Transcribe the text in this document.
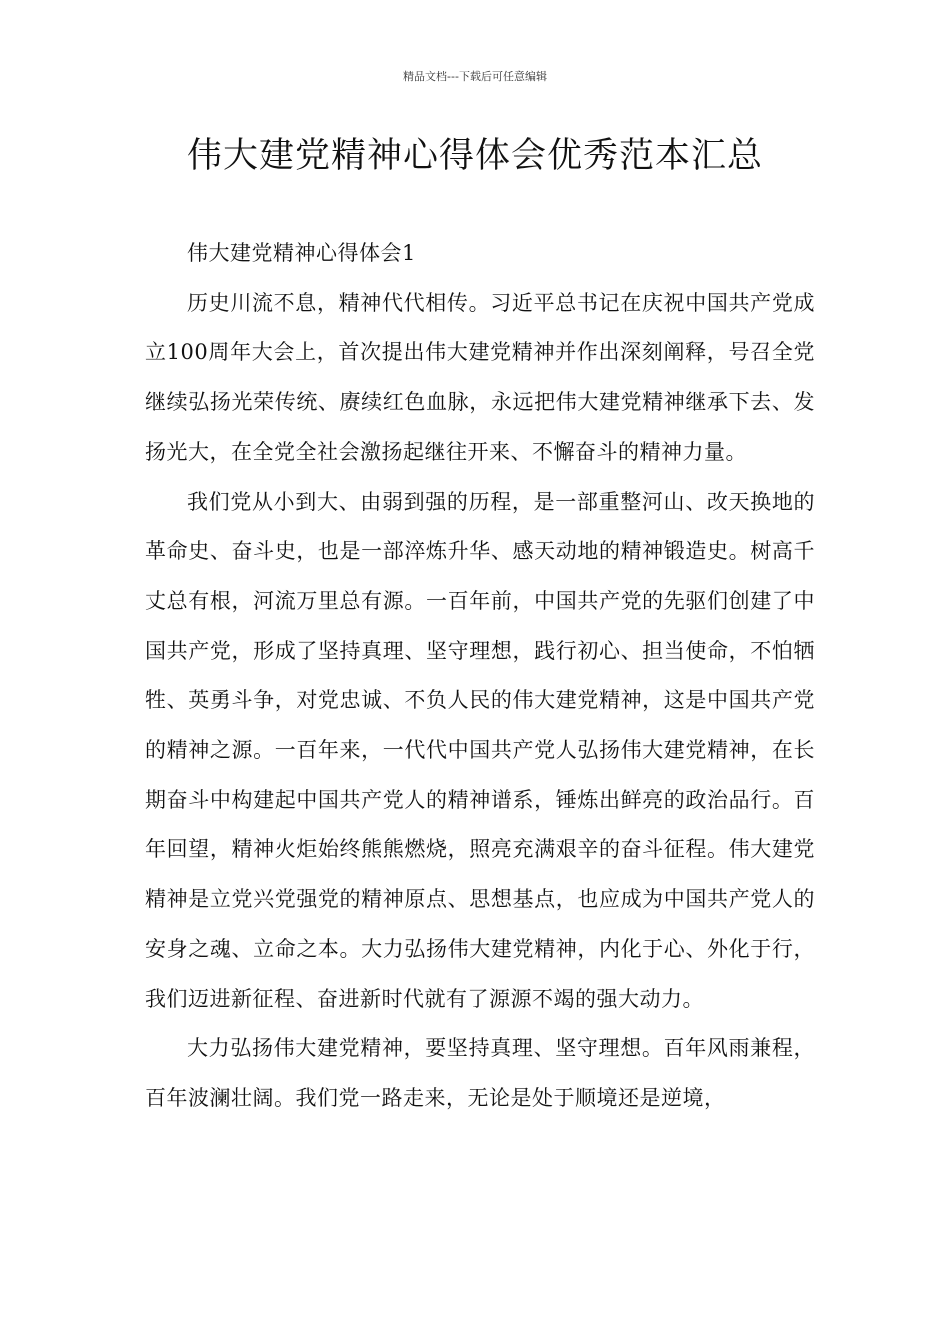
精品文档---下载后可任意编辑
伟大建党精神心得体会优秀范本汇总

伟大建党精神心得体会1

历史川流不息，精神代代相传。习近平总书记在庆祝中国共产党成立100周年大会上，首次提出伟大建党精神并作出深刻阐释，号召全党继续弘扬光荣传统、赓续红色血脉，永远把伟大建党精神继承下去、发扬光大，在全党全社会激扬起继往开来、不懈奋斗的精神力量。

我们党从小到大、由弱到强的历程，是一部重整河山、改天换地的革命史、奋斗史，也是一部淬炼升华、感天动地的精神锻造史。树高千丈总有根，河流万里总有源。一百年前，中国共产党的先驱们创建了中国共产党，形成了坚持真理、坚守理想，践行初心、担当使命，不怕牺牲、英勇斗争，对党忠诚、不负人民的伟大建党精神，这是中国共产党的精神之源。一百年来，一代代中国共产党人弘扬伟大建党精神，在长期奋斗中构建起中国共产党人的精神谱系，锤炼出鲜亮的政治品行。百年回望，精神火炬始终熊熊燃烧，照亮充满艰辛的奋斗征程。伟大建党精神是立党兴党强党的精神原点、思想基点，也应成为中国共产党人的安身之魂、立命之本。大力弘扬伟大建党精神，内化于心、外化于行，我们迈进新征程、奋进新时代就有了源源不竭的强大动力。

大力弘扬伟大建党精神，要坚持真理、坚守理想。百年风雨兼程，百年波澜壮阔。我们党一路走来，无论是处于顺境还是逆境，
